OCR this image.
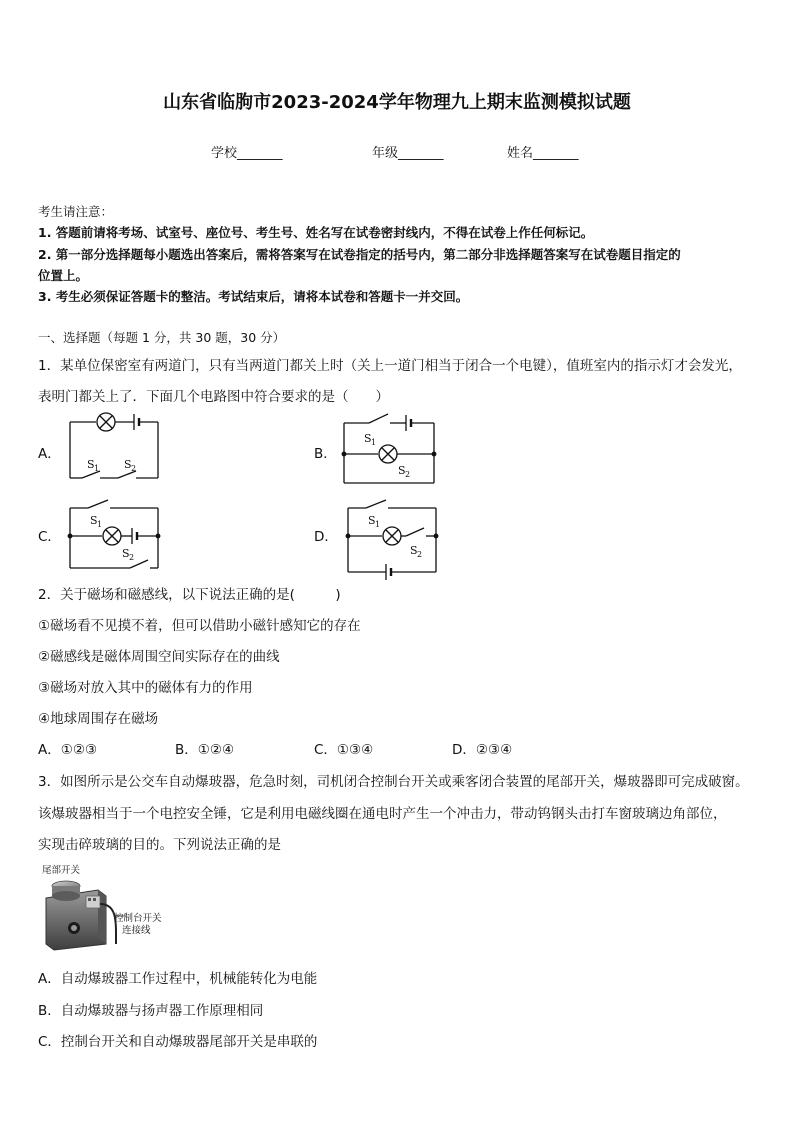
山东省临朐市2023-2024学年物理九上期末监测模拟试题
学校_______	年级_______	姓名_______
考生请注意：
1. 答题前请将考场、试室号、座位号、考生号、姓名写在试卷密封线内，不得在试卷上作任何标记。
2. 第一部分选择题每小题选出答案后，需将答案写在试卷指定的括号内，第二部分非选择题答案写在试卷题目指定的
位置上。
3. 考生必须保证答题卡的整洁。考试结束后，请将本试卷和答题卡一并交回。
一、选择题（每题 1 分，共 30 题，30 分）
1．某单位保密室有两道门，只有当两道门都关上时（关上一道门相当于闭合一个电键），值班室内的指示灯才会发光，
表明门都关上了．下面几个电路图中符合要求的是（　　）
A．	B．
C．	D．
S 1 S 2
S 1
S 2
S 1
S 2
S 1
S 2
2．关于磁场和磁感线，以下说法正确的是(　　　)
①磁场看不见摸不着，但可以借助小磁针感知它的存在
②磁感线是磁体周围空间实际存在的曲线
③磁场对放入其中的磁体有力的作用
④地球周围存在磁场
A．①②③	B．①②④	C．①③④	D．②③④
3．如图所示是公交车自动爆玻器，危急时刻，司机闭合控制台开关或乘客闭合装置的尾部开关，爆玻器即可完成破窗。
该爆玻器相当于一个电控安全锤，它是利用电磁线圈在通电时产生一个冲击力，带动钨钢头击打车窗玻璃边角部位，
实现击碎玻璃的目的。下列说法正确的是
尾部开关
控制台开关
连接线
A．自动爆玻器工作过程中，机械能转化为电能
B．自动爆玻器与扬声器工作原理相同
C．控制台开关和自动爆玻器尾部开关是串联的
